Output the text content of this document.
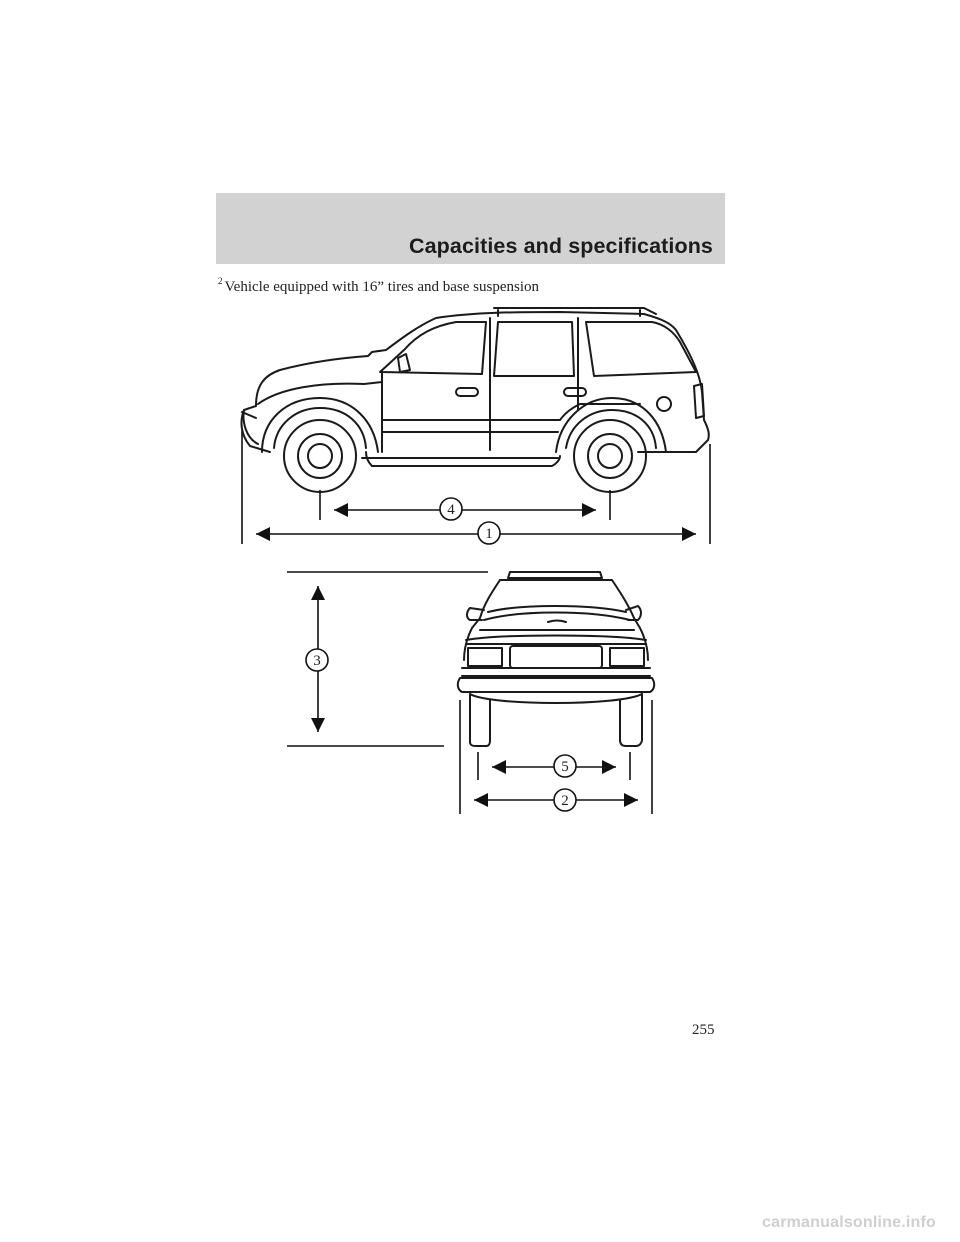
Capacities and specifications
$^2$ Vehicle equipped with 16” tires and base suspension
4
1
3
5
2
255
carmanualsonline.info
